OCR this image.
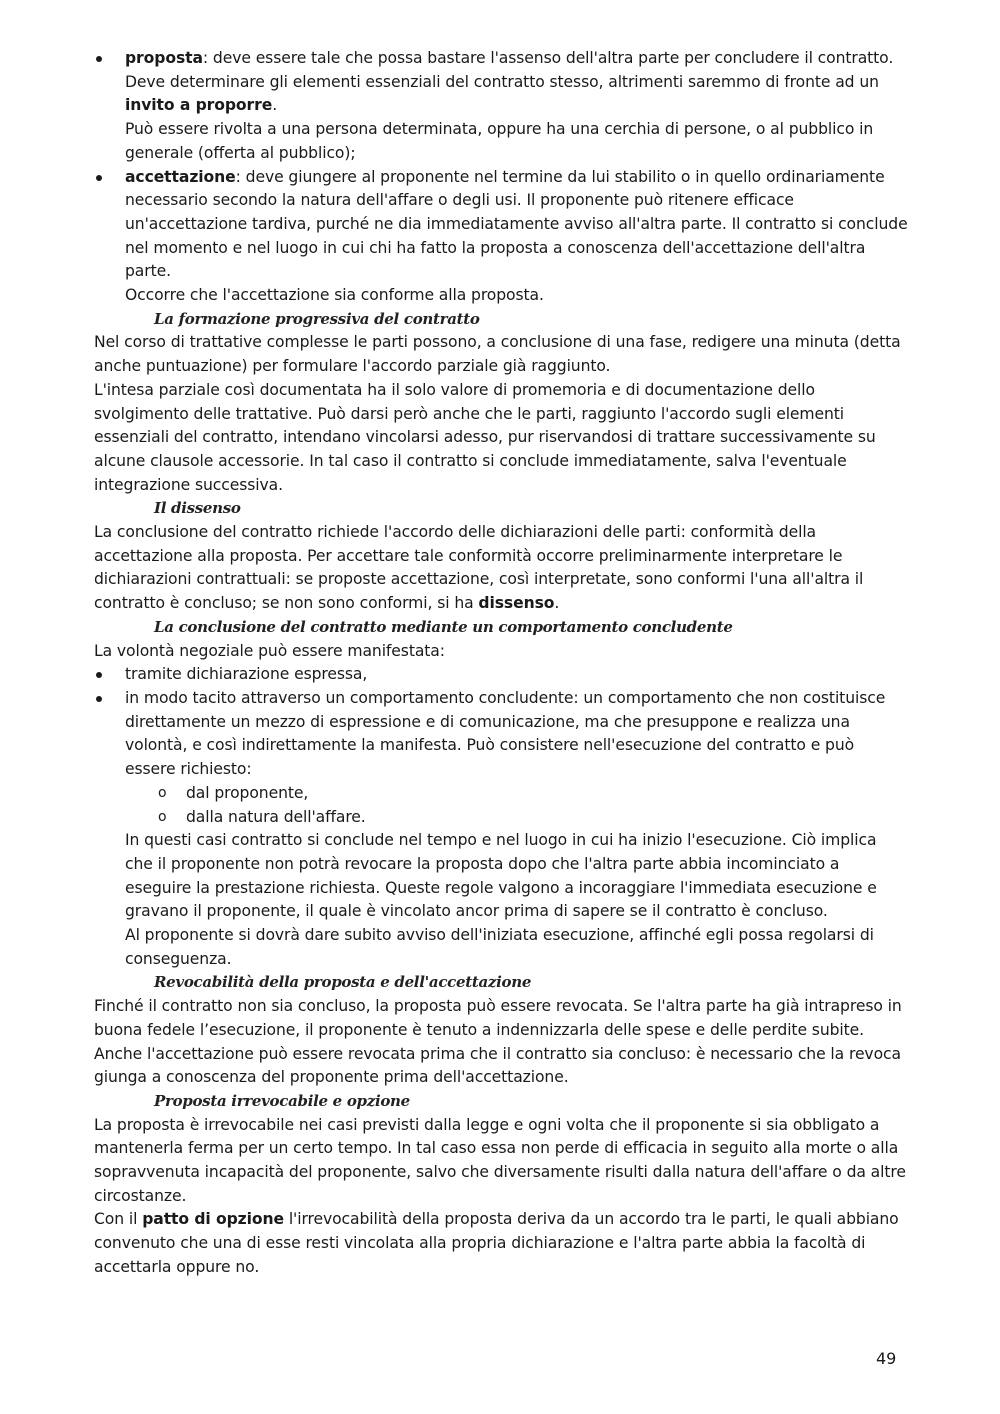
proposta: deve essere tale che possa bastare l'assenso dell'altra parte per concludere il contratto. Deve determinare gli elementi essenziali del contratto stesso, altrimenti saremmo di fronte ad un invito a proporre.

Può essere rivolta a una persona determinata, oppure ha una cerchia di persone, o al pubblico in generale (offerta al pubblico);

accettazione: deve giungere al proponente nel termine da lui stabilito o in quello ordinariamente necessario secondo la natura dell'affare o degli usi. Il proponente può ritenere efficace un'accettazione tardiva, purché ne dia immediatamente avviso all'altra parte. Il contratto si conclude nel momento e nel luogo in cui chi ha fatto la proposta a conoscenza dell'accettazione dell'altra parte.

Occorre che l'accettazione sia conforme alla proposta.

La formazione progressiva del contratto

Nel corso di trattative complesse le parti possono, a conclusione di una fase, redigere una minuta (detta anche puntuazione) per formulare l'accordo parziale già raggiunto.

L'intesa parziale così documentata ha il solo valore di promemoria e di documentazione dello svolgimento delle trattative. Può darsi però anche che le parti, raggiunto l'accordo sugli elementi essenziali del contratto, intendano vincolarsi adesso, pur riservandosi di trattare successivamente su alcune clausole accessorie. In tal caso il contratto si conclude immediatamente, salva l'eventuale integrazione successiva.

Il dissenso

La conclusione del contratto richiede l'accordo delle dichiarazioni delle parti: conformità della accettazione alla proposta. Per accettare tale conformità occorre preliminarmente interpretare le dichiarazioni contrattuali: se proposte accettazione, così interpretate, sono conformi l'una all'altra il contratto è concluso; se non sono conformi, si ha dissenso.

La conclusione del contratto mediante un comportamento concludente

La volontà negoziale può essere manifestata:

tramite dichiarazione espressa,

in modo tacito attraverso un comportamento concludente: un comportamento che non costituisce direttamente un mezzo di espressione e di comunicazione, ma che presuppone e realizza una volontà, e così indirettamente la manifesta. Può consistere nell'esecuzione del contratto e può essere richiesto:

o dal proponente,

o dalla natura dell'affare.

In questi casi contratto si conclude nel tempo e nel luogo in cui ha inizio l'esecuzione. Ciò implica che il proponente non potrà revocare la proposta dopo che l'altra parte abbia incominciato a eseguire la prestazione richiesta. Queste regole valgono a incoraggiare l'immediata esecuzione e gravano il proponente, il quale è vincolato ancor prima di sapere se il contratto è concluso.

Al proponente si dovrà dare subito avviso dell'iniziata esecuzione, affinché egli possa regolarsi di conseguenza.

Revocabilità della proposta e dell'accettazione

Finché il contratto non sia concluso, la proposta può essere revocata. Se l'altra parte ha già intrapreso in buona fedele l’esecuzione, il proponente è tenuto a indennizzarla delle spese e delle perdite subite.

Anche l'accettazione può essere revocata prima che il contratto sia concluso: è necessario che la revoca giunga a conoscenza del proponente prima dell'accettazione.

Proposta irrevocabile e opzione

La proposta è irrevocabile nei casi previsti dalla legge e ogni volta che il proponente si sia obbligato a mantenerla ferma per un certo tempo. In tal caso essa non perde di efficacia in seguito alla morte o alla sopravvenuta incapacità del proponente, salvo che diversamente risulti dalla natura dell'affare o da altre circostanze.

Con il patto di opzione l'irrevocabilità della proposta deriva da un accordo tra le parti, le quali abbiano convenuto che una di esse resti vincolata alla propria dichiarazione e l'altra parte abbia la facoltà di accettarla oppure no.

49
